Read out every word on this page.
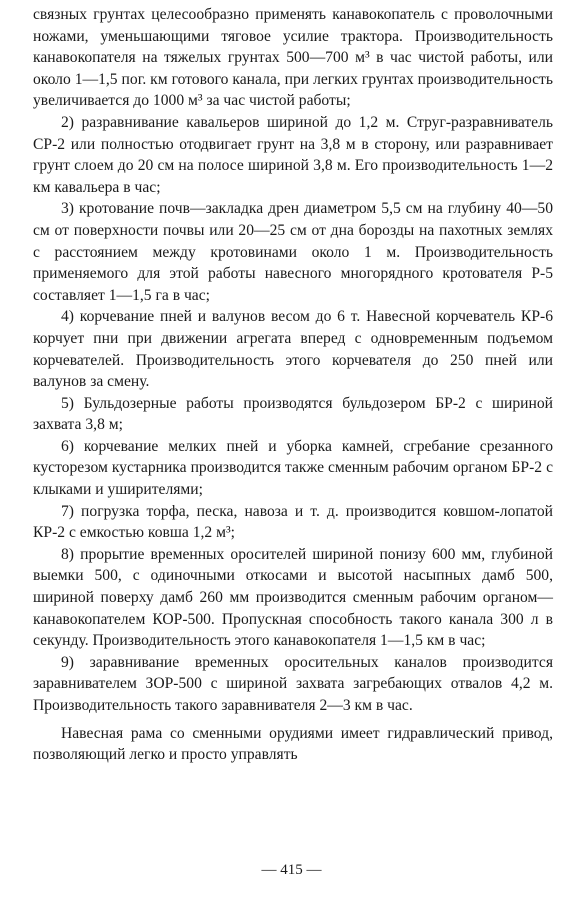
связных грунтах целесообразно применять канавокопатель с проволочными ножами, уменьшающими тяговое усилие трактора. Производительность канавокопателя на тяжелых грунтах 500—700 м³ в час чистой работы, или около 1—1,5 пог. км готового канала, при легких грунтах производительность увеличивается до 1000 м³ за час чистой работы;

2) разравнивание кавальеров шириной до 1,2 м. Струг-разравниватель СР-2 или полностью отодвигает грунт на 3,8 м в сторону, или разравнивает грунт слоем до 20 см на полосе шириной 3,8 м. Его производительность 1—2 км кавальера в час;

3) кротование почв—закладка дрен диаметром 5,5 см на глубину 40—50 см от поверхности почвы или 20—25 см от дна борозды на пахотных землях с расстоянием между кротовинами около 1 м. Производительность применяемого для этой работы навесного многорядного кротователя Р-5 составляет 1—1,5 га в час;

4) корчевание пней и валунов весом до 6 т. Навесной корчеватель КР-6 корчует пни при движении агрегата вперед с одновременным подъемом корчевателей. Производительность этого корчевателя до 250 пней или валунов за смену.

5) Бульдозерные работы производятся бульдозером БР-2 с шириной захвата 3,8 м;

6) корчевание мелких пней и уборка камней, сгребание срезанного кусторезом кустарника производится также сменным рабочим органом БР-2 с клыками и уширителями;

7) погрузка торфа, песка, навоза и т. д. производится ковшом-лопатой КР-2 с емкостью ковша 1,2 м³;

8) прорытие временных оросителей шириной понизу 600 мм, глубиной выемки 500, с одиночными откосами и высотой насыпных дамб 500, шириной поверху дамб 260 мм производится сменным рабочим органом—канавокопателем КОР-500. Пропускная способность такого канала 300 л в секунду. Производительность этого канавокопателя 1—1,5 км в час;

9) заравнивание временных оросительных каналов производится заравнивателем ЗОР-500 с шириной захвата загребающих отвалов 4,2 м. Производительность такого заравнивателя 2—3 км в час.

Навесная рама со сменными орудиями имеет гидравлический привод, позволяющий легко и просто управлять

— 415 —
